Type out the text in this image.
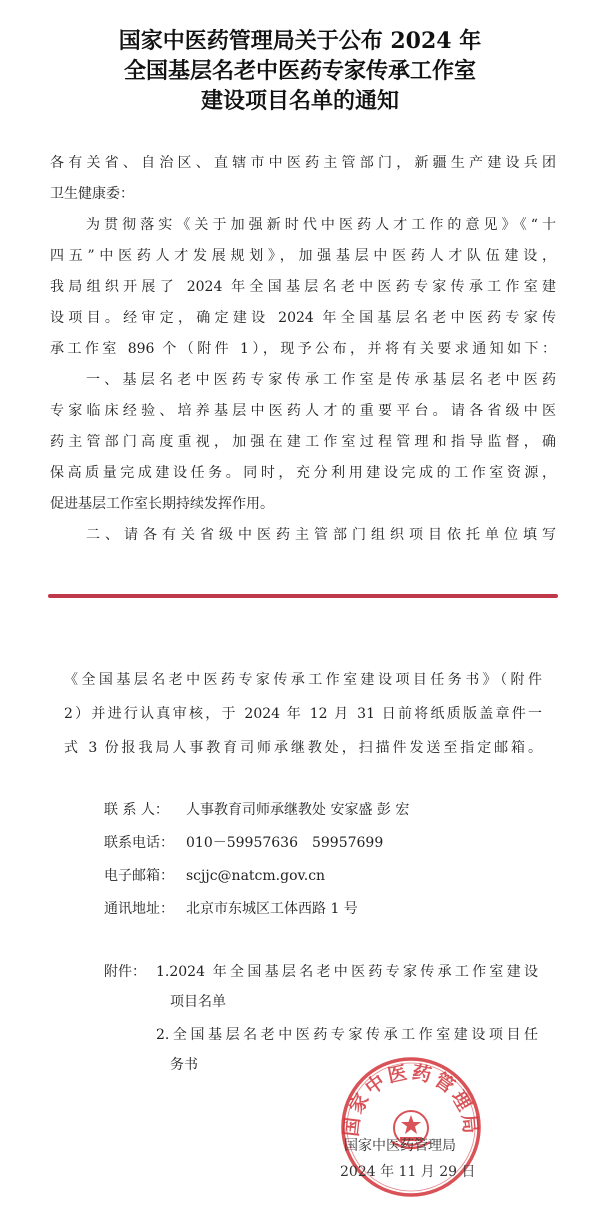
国家中医药管理局关于公布 2024 年
全国基层名老中医药专家传承工作室
建设项目名单的通知
各有关省、自治区、直辖市中医药主管部门，新疆生产建设兵团
卫生健康委：
为贯彻落实《关于加强新时代中医药人才工作的意见》《“十
四五”中医药人才发展规划》，加强基层中医药人才队伍建设，
我局组织开展了 2024 年全国基层名老中医药专家传承工作室建
设项目。经审定，确定建设 2024 年全国基层名老中医药专家传
承工作室 896 个（附件 1），现予公布，并将有关要求通知如下：
一、基层名老中医药专家传承工作室是传承基层名老中医药
专家临床经验、培养基层中医药人才的重要平台。请各省级中医
药主管部门高度重视，加强在建工作室过程管理和指导监督，确
保高质量完成建设任务。同时，充分利用建设完成的工作室资源，
促进基层工作室长期持续发挥作用。
二、请各有关省级中医药主管部门组织项目依托单位填写
《全国基层名老中医药专家传承工作室建设项目任务书》（附件
2）并进行认真审核，于 2024 年 12 月 31 日前将纸质版盖章件一
式 3 份报我局人事教育司师承继教处，扫描件发送至指定邮箱。
联 系 人： 人事教育司师承继教处 安家盛 彭 宏
联系电话： 010－59957636　59957699
电子邮箱： scjjc@natcm.gov.cn
通讯地址： 北京市东城区工体西路 1 号
附件： 1.2024 年全国基层名老中医药专家传承工作室建设
项目名单
2.全国基层名老中医药专家传承工作室建设项目任
务书
国家中医药管理局
国家中医药管理局
2024 年 11 月 29 日
